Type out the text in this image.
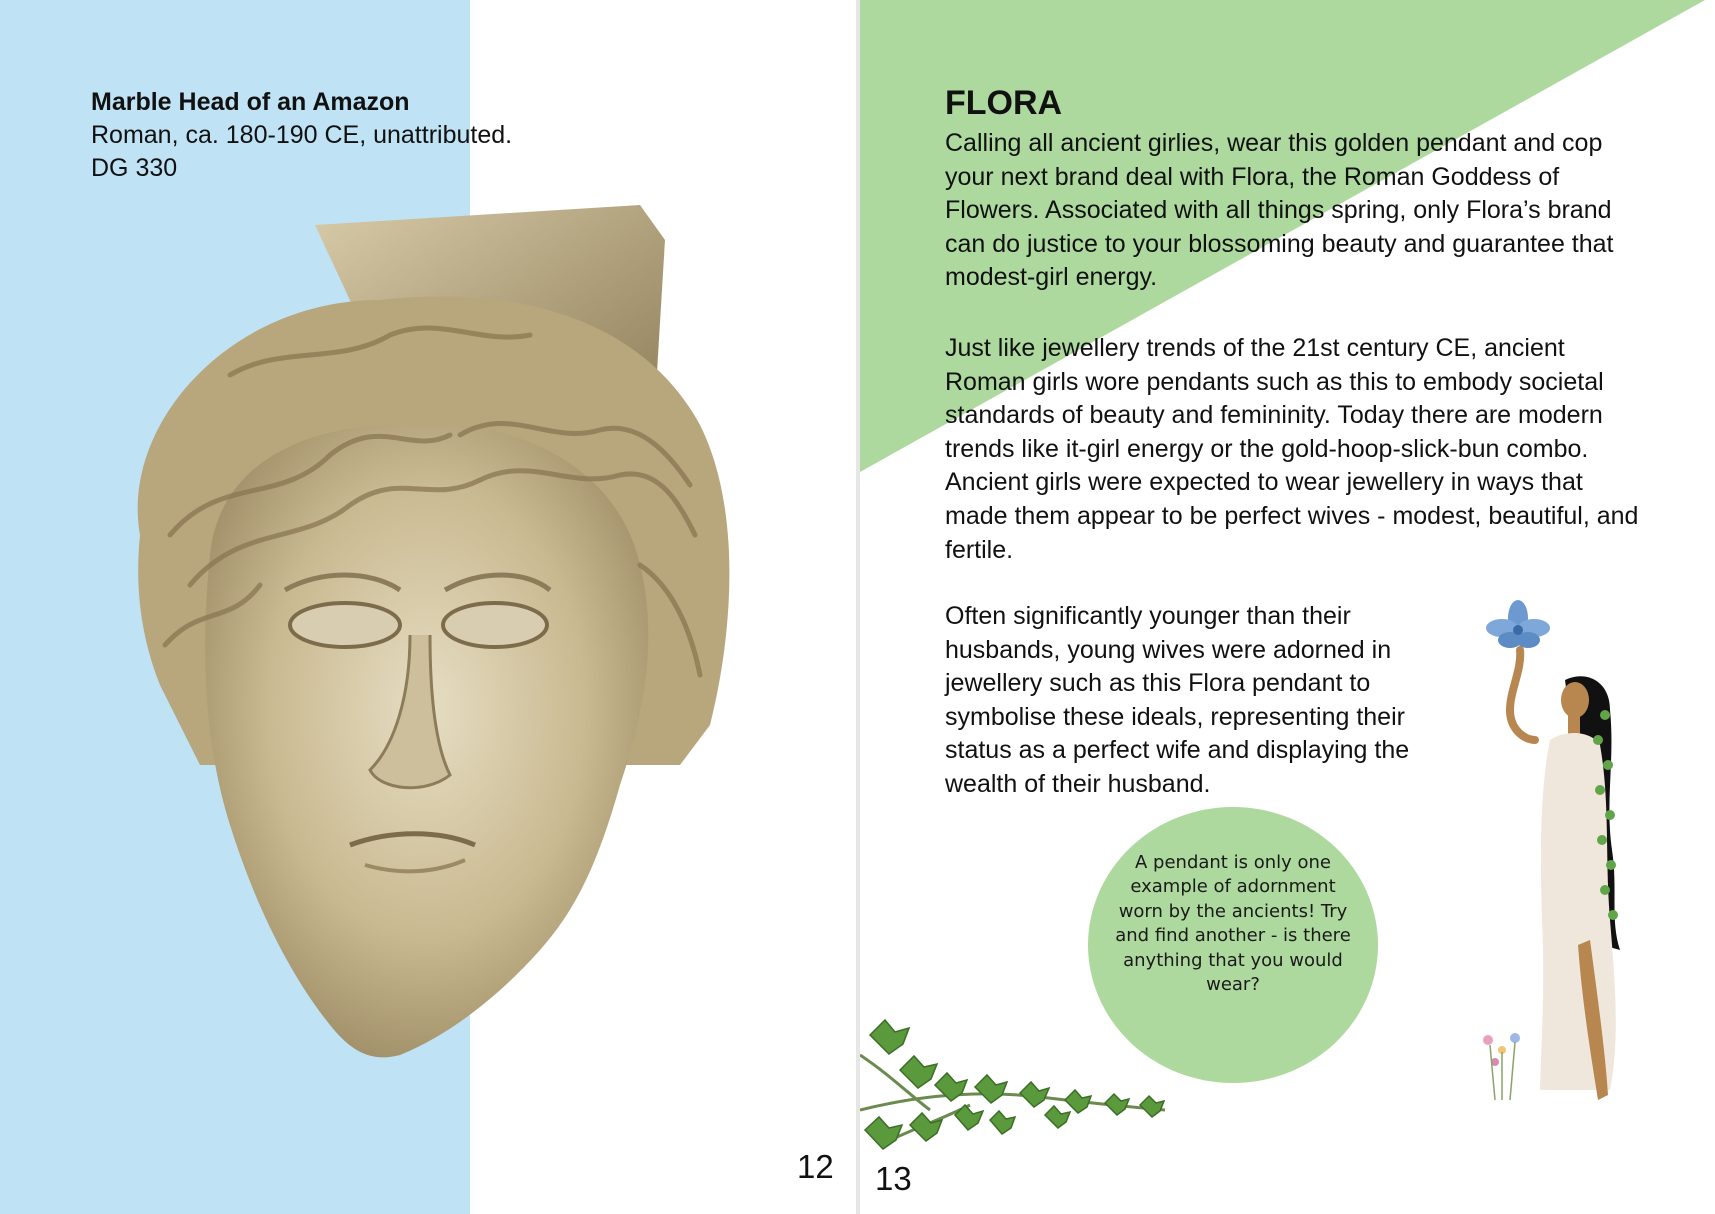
Marble Head of an Amazon
Roman, ca. 180-190 CE, unattributed.
DG 330
12
FLORA

Calling all ancient girlies, wear this golden pendant and cop your next brand deal with Flora, the Roman Goddess of Flowers. Associated with all things spring, only Flora’s brand can do justice to your blossoming beauty and guarantee that modest-girl energy.

Just like jewellery trends of the 21st century CE, ancient Roman girls wore pendants such as this to embody societal standards of beauty and femininity. Today there are modern trends like it-girl energy or the gold-hoop-slick-bun combo. Ancient girls were expected to wear jewellery in ways that made them appear to be perfect wives - modest, beautiful, and fertile.

Often significantly younger than their husbands, young wives were adorned in jewellery such as this Flora pendant to symbolise these ideals, representing their status as a perfect wife and displaying the wealth of their husband.

A pendant is only one example of adornment worn by the ancients! Try and find another - is there anything that you would wear?
13
